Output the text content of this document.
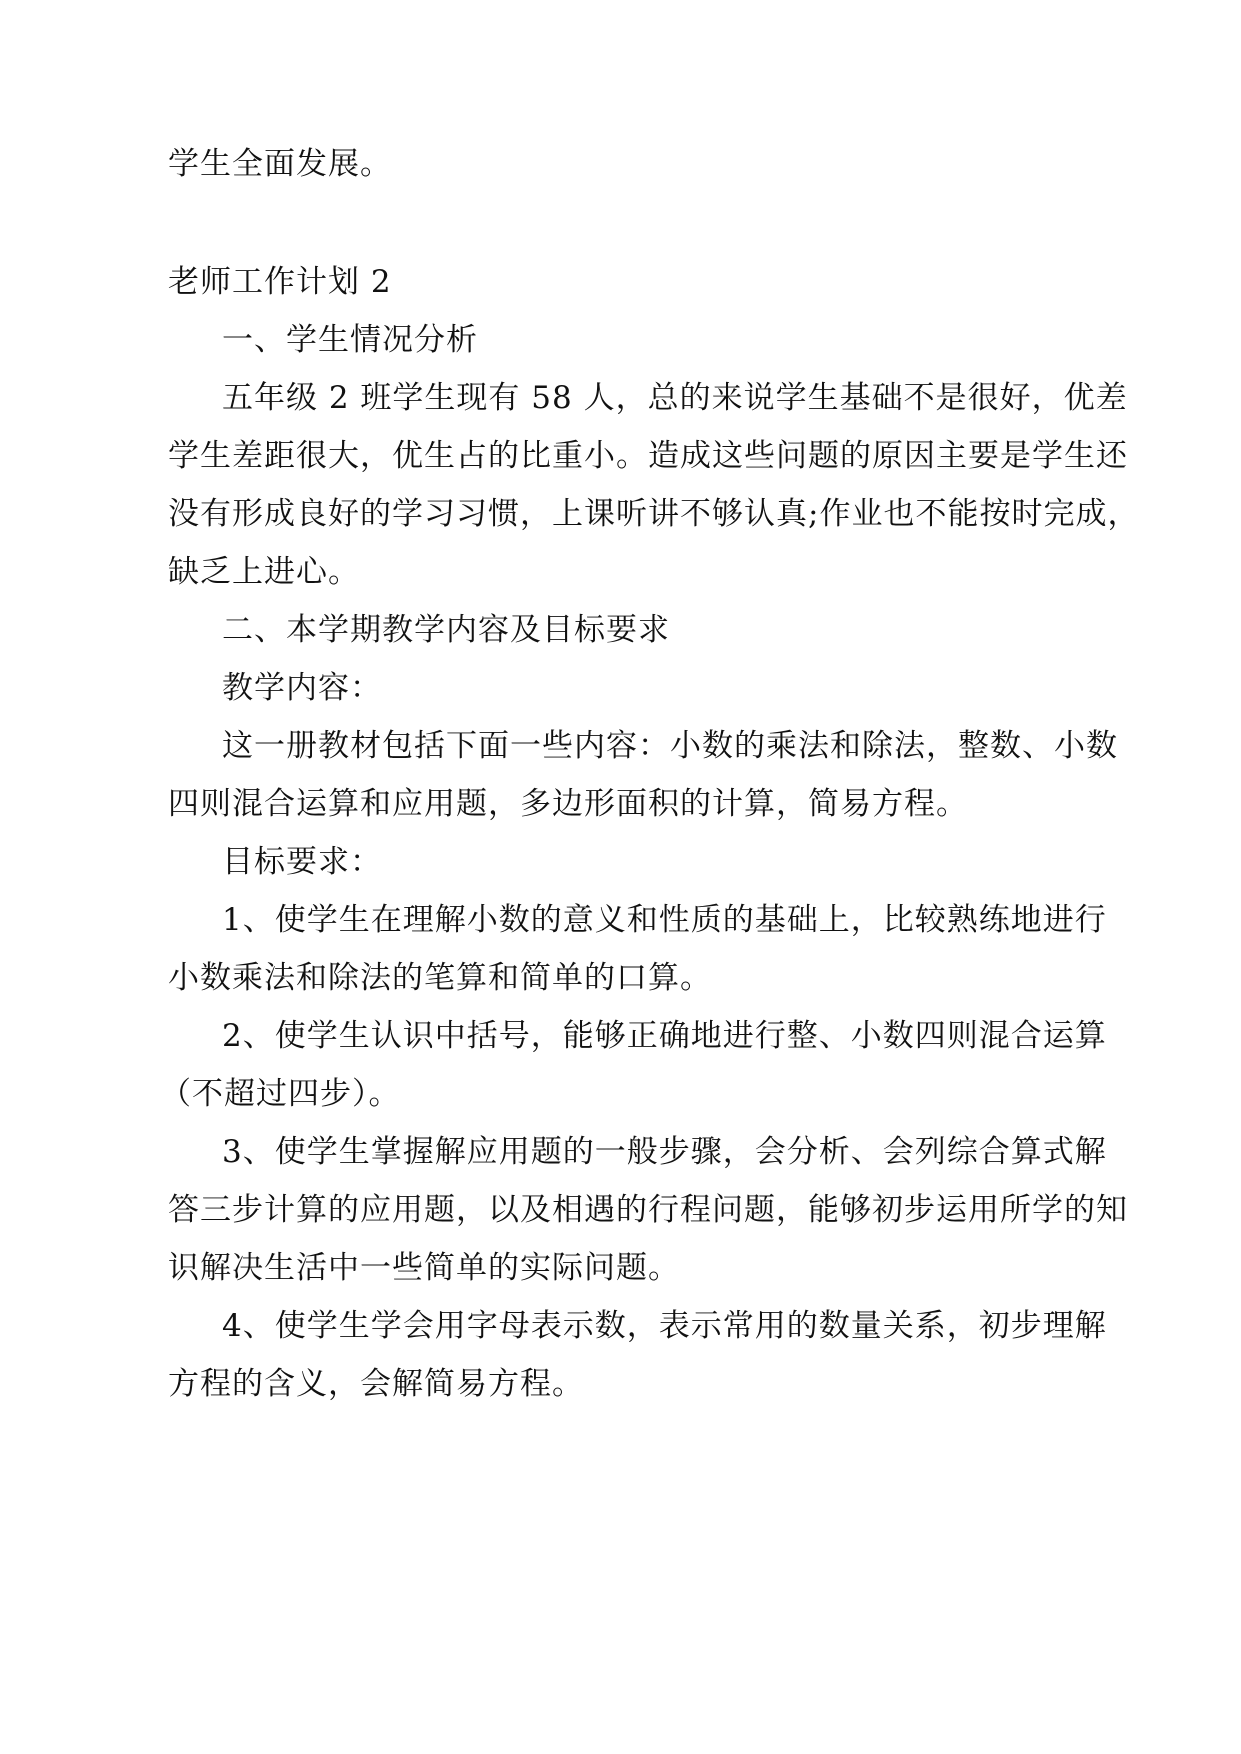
学生全面发展。
老师工作计划 2
一、学生情况分析
五年级 2 班学生现有 58 人，总的来说学生基础不是很好，优差
学生差距很大，优生占的比重小。造成这些问题的原因主要是学生还
没有形成良好的学习习惯，上课听讲不够认真;作业也不能按时完成，
缺乏上进心。
二、本学期教学内容及目标要求
教学内容：
这一册教材包括下面一些内容：小数的乘法和除法，整数、小数
四则混合运算和应用题，多边形面积的计算，简易方程。
目标要求：
1、使学生在理解小数的意义和性质的基础上，比较熟练地进行
小数乘法和除法的笔算和简单的口算。
2、使学生认识中括号，能够正确地进行整、小数四则混合运算
（不超过四步）。
3、使学生掌握解应用题的一般步骤，会分析、会列综合算式解
答三步计算的应用题，以及相遇的行程问题，能够初步运用所学的知
识解决生活中一些简单的实际问题。
4、使学生学会用字母表示数，表示常用的数量关系，初步理解
方程的含义，会解简易方程。
